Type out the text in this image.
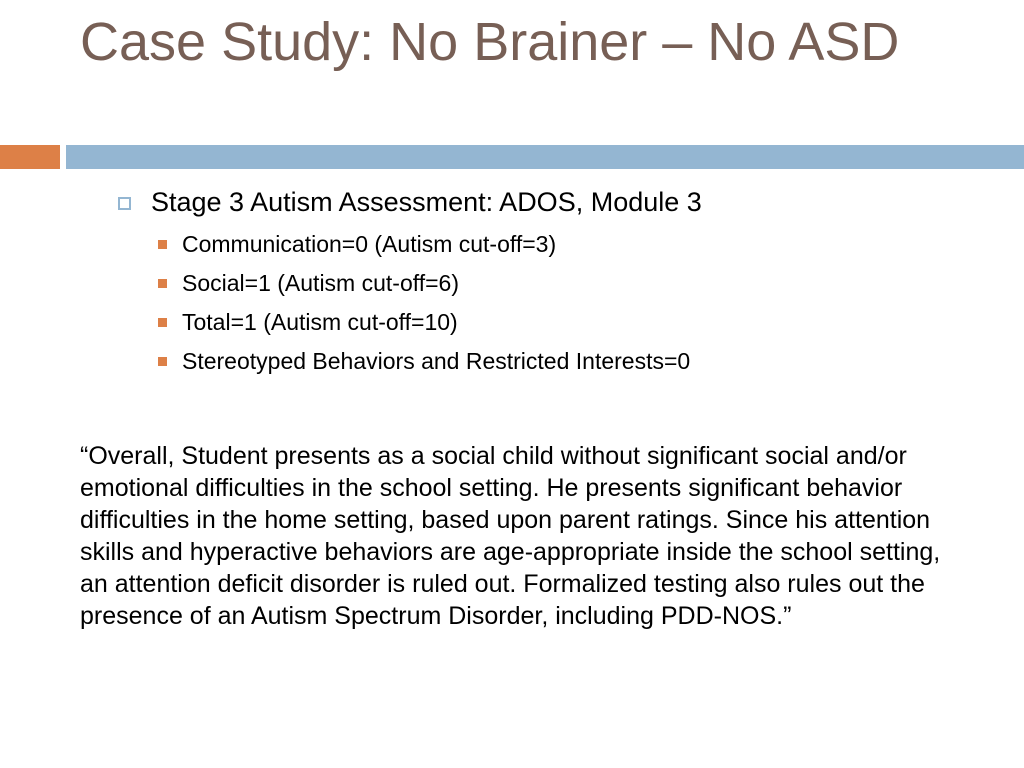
Case Study: No Brainer – No ASD
Stage 3 Autism Assessment: ADOS, Module 3
Communication=0 (Autism cut-off=3)
Social=1 (Autism cut-off=6)
Total=1 (Autism cut-off=10)
Stereotyped Behaviors and Restricted Interests=0

“Overall, Student presents as a social child without significant social and/or emotional difficulties in the school setting. He presents significant behavior difficulties in the home setting, based upon parent ratings. Since his attention skills and hyperactive behaviors are age-appropriate inside the school setting, an attention deficit disorder is ruled out. Formalized testing also rules out the presence of an Autism Spectrum Disorder, including PDD-NOS.”
